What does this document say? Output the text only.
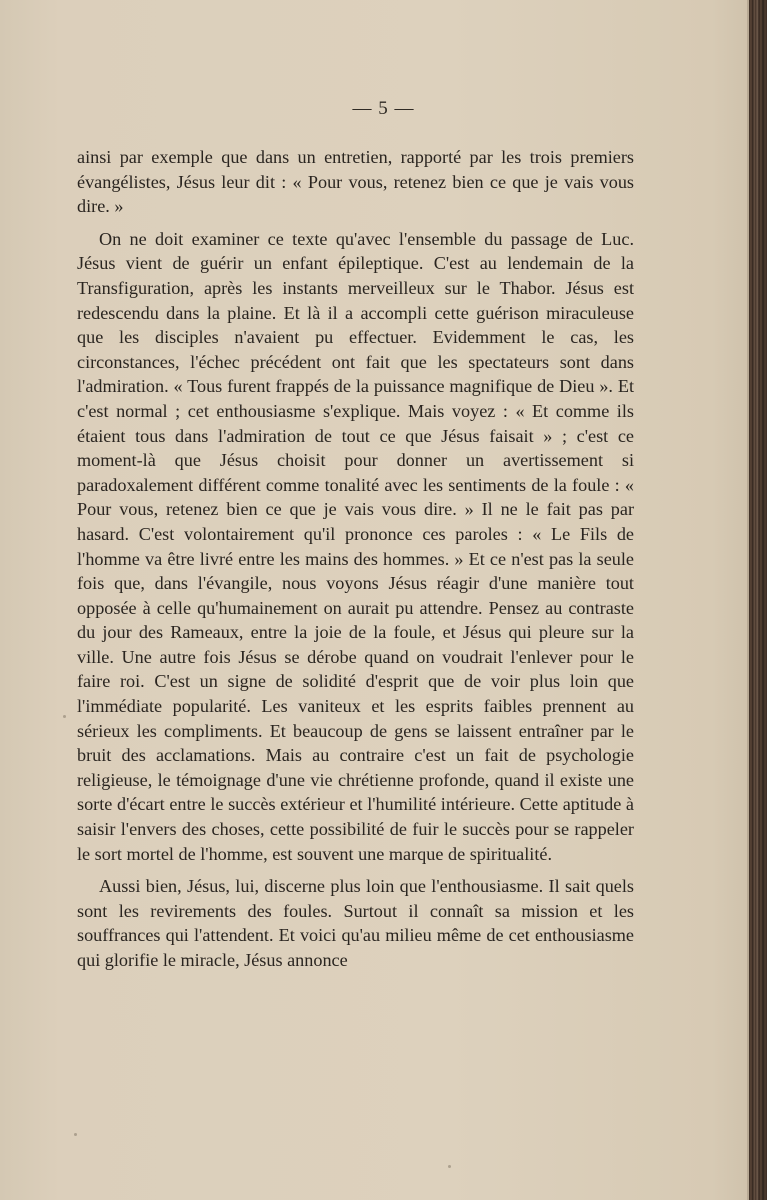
— 5 —

ainsi par exemple que dans un entretien, rapporté par les trois premiers évangélistes, Jésus leur dit : « Pour vous, retenez bien ce que je vais vous dire. »

On ne doit examiner ce texte qu'avec l'ensemble du passage de Luc. Jésus vient de guérir un enfant épileptique. C'est au lendemain de la Transfiguration, après les instants merveilleux sur le Thabor. Jésus est redescendu dans la plaine. Et là il a accompli cette guérison miraculeuse que les disciples n'avaient pu effectuer. Evidemment le cas, les circonstances, l'échec précédent ont fait que les spectateurs sont dans l'admiration. « Tous furent frappés de la puissance magnifique de Dieu ». Et c'est normal ; cet enthousiasme s'explique. Mais voyez : « Et comme ils étaient tous dans l'admiration de tout ce que Jésus faisait » ; c'est ce moment-là que Jésus choisit pour donner un avertissement si paradoxalement différent comme tonalité avec les sentiments de la foule : « Pour vous, retenez bien ce que je vais vous dire. » Il ne le fait pas par hasard. C'est volontairement qu'il prononce ces paroles : « Le Fils de l'homme va être livré entre les mains des hommes. » Et ce n'est pas la seule fois que, dans l'évangile, nous voyons Jésus réagir d'une manière tout opposée à celle qu'humainement on aurait pu attendre. Pensez au contraste du jour des Rameaux, entre la joie de la foule, et Jésus qui pleure sur la ville. Une autre fois Jésus se dérobe quand on voudrait l'enlever pour le faire roi. C'est un signe de solidité d'esprit que de voir plus loin que l'immédiate popularité. Les vaniteux et les esprits faibles prennent au sérieux les compliments. Et beaucoup de gens se laissent entraîner par le bruit des acclamations. Mais au contraire c'est un fait de psychologie religieuse, le témoignage d'une vie chrétienne profonde, quand il existe une sorte d'écart entre le succès extérieur et l'humilité intérieure. Cette aptitude à saisir l'envers des choses, cette possibilité de fuir le succès pour se rappeler le sort mortel de l'homme, est souvent une marque de spiritualité.

Aussi bien, Jésus, lui, discerne plus loin que l'enthousiasme. Il sait quels sont les revirements des foules. Surtout il connaît sa mission et les souffrances qui l'attendent. Et voici qu'au milieu même de cet enthousiasme qui glorifie le miracle, Jésus annonce
